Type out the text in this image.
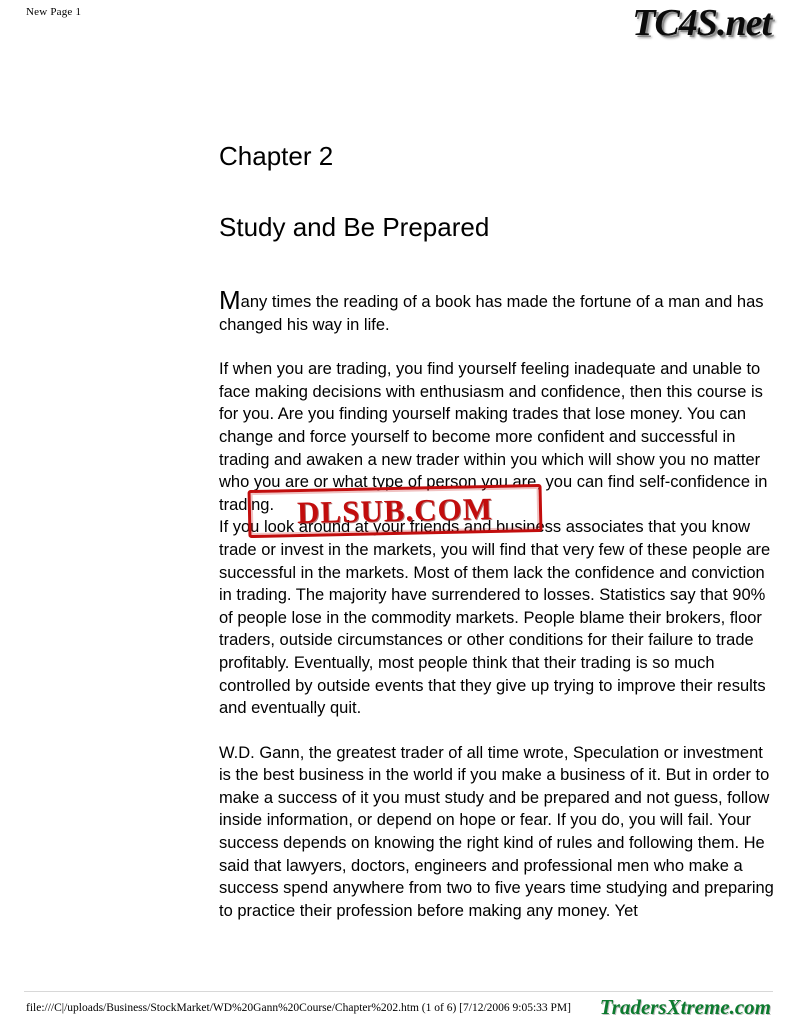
New Page 1	TC4S.net
Chapter 2
Study and Be Prepared

Many times the reading of a book has made the fortune of a man and has changed his way in life.

If when you are trading, you find yourself feeling inadequate and unable to face making decisions with enthusiasm and confidence, then this course is for you. Are you finding yourself making trades that lose money. You can change and force yourself to become more confident and successful in trading and awaken a new trader within you which will show you no matter who you are or what type of person you are, you can find self-confidence in trading.

If you look around at your friends and business associates that you know trade or invest in the markets, you will find that very few of these people are successful in the markets. Most of them lack the confidence and conviction in trading. The majority have surrendered to losses. Statistics say that 90% of people lose in the commodity markets. People blame their brokers, floor traders, outside circumstances or other conditions for their failure to trade profitably. Eventually, most people think that their trading is so much controlled by outside events that they give up trying to improve their results and eventually quit.

W.D. Gann, the greatest trader of all time wrote, Speculation or investment is the best business in the world if you make a business of it. But in order to make a success of it you must study and be prepared and not guess, follow inside information, or depend on hope or fear. If you do, you will fail. Your success depends on knowing the right kind of rules and following them. He said that lawyers, doctors, engineers and professional men who make a success spend anywhere from two to five years time studying and preparing to practice their profession before making any money. Yet

DLSUB.COM
file:///C|/uploads/Business/StockMarket/WD%20Gann%20Course/Chapter%202.htm (1 of 6) [7/12/2006 9:05:33 PM] TradersXtreme.com
